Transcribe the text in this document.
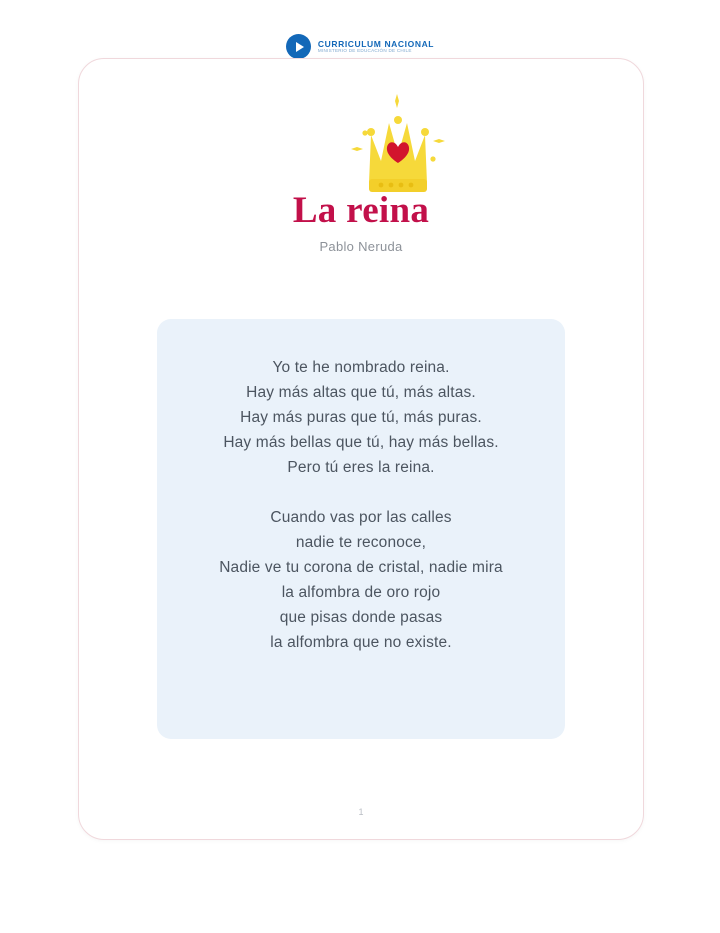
CURRICULUM NACIONAL
MINISTERIO DE EDUCACIÓN DE CHILE
La reina
Pablo Neruda
Yo te he nombrado reina.
Hay más altas que tú, más altas.
Hay más puras que tú, más puras.
Hay más bellas que tú, hay más bellas.
Pero tú eres la reina.
Cuando vas por las calles
nadie te reconoce,
Nadie ve tu corona de cristal, nadie mira
la alfombra de oro rojo
que pisas donde pasas
la alfombra que no existe.
1
